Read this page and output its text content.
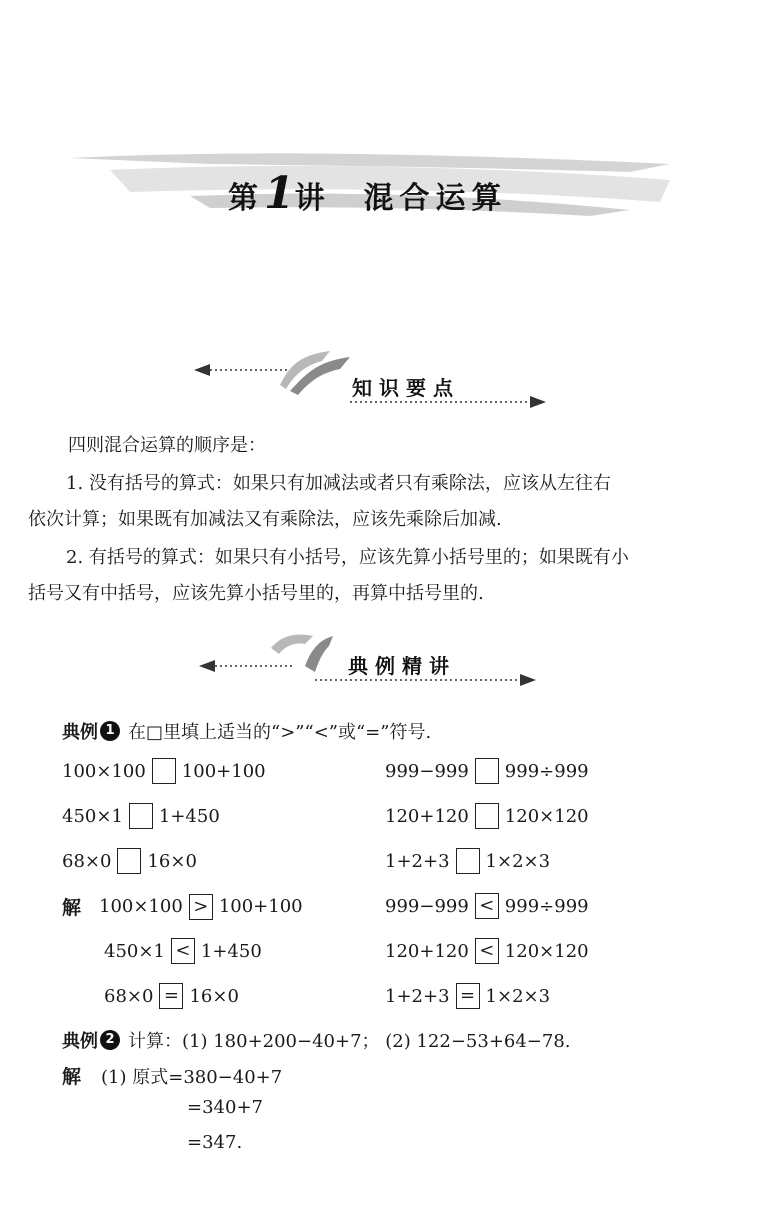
第1讲 混合运算
知识要点
四则混合运算的顺序是：
1. 没有括号的算式：如果只有加减法或者只有乘除法，应该从左往右
依次计算；如果既有加减法又有乘除法，应该先乘除后加减.
2. 有括号的算式：如果只有小括号，应该先算小括号里的；如果既有小
括号又有中括号，应该先算小括号里的，再算中括号里的.
典例精讲
典例 1 在□里填上适当的“>”“<”或“=”符号.
100×100 100+100	999−999 999÷999
450×1 1+450	120+120 120×120
68×0 16×0	1+2+3 1×2×3
解 100×100 > 100+100	999−999 < 999÷999
450×1 < 1+450	120+120 < 120×120
68×0 = 16×0	1+2+3 = 1×2×3
典例 2 计算：(1) 180+200−40+7； (2) 122−53+64−78.
解 (1) 原式=380−40+7
=340+7
=347.
